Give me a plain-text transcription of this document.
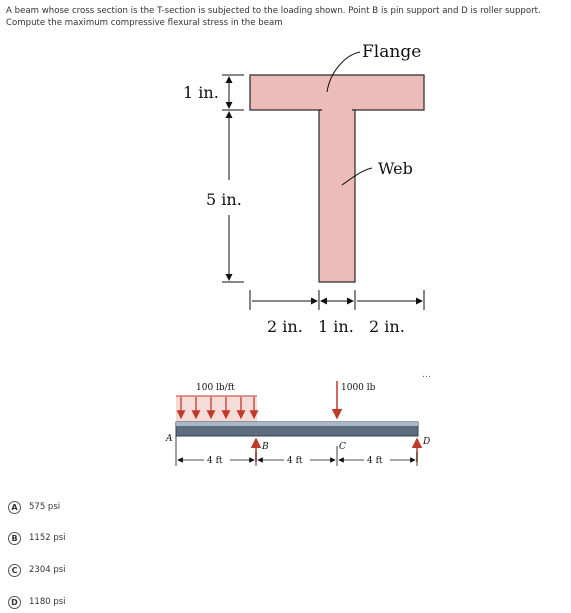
A beam whose cross section is the T-section is subjected to the loading shown. Point B is pin support and D is roller support.
Compute the maximum compressive flexural stress in the beam
Flange
Web
1 in.
5 in.
2 in. 1 in. 2 in.
100 lb/ft	1000 lb
A
B	C	D
4 ft	4 ft	4 ft
…
A	575 psi
B	1152 psi
C	2304 psi
D	1180 psi
